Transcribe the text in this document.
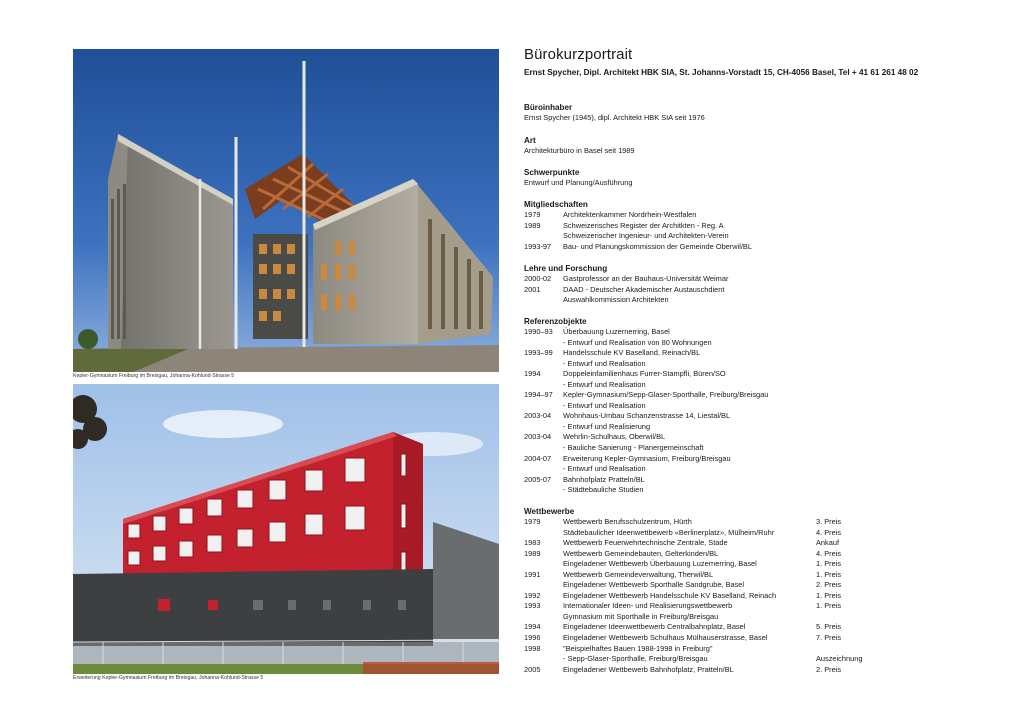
Kepler-Gymnasium Freiburg im Breisgau, Johanna-Kohlund-Strasse 5
Erweiterung Kepler-Gymnasium Freiburg im Breisgau, Johanna-Kohlund-Strasse 5
Bürokurzportrait
Ernst Spycher, Dipl. Architekt HBK SIA, St. Johanns-Vorstadt 15, CH-4056 Basel, Tel + 41 61 261 48 02
Büroinhaber
Ernst Spycher (1945), dipl. Architekt HBK SIA seit 1976
Art
Architekturbüro in Basel seit 1989
Schwerpunkte
Entwurf und Planung/Ausführung
Mitgliedschaften
1979	Architektenkammer Nordrhein-Westfalen
1989	Schweizerisches Register der Architkten - Reg. A
Schweizerischer Ingenieur- und Architekten-Verein
1993-97 Bau- und Planungskommission der Gemeinde Oberwil/BL
Lehre und Forschung
2000-02 Gastprofessor an der Bauhaus-Universität Weimar
2001	DAAD - Deutscher Akademischer Austauschdient
Auswahlkommission Architekten
Referenzobjekte
1990–93 Überbauung Luzernerring, Basel
- Entwurf und Realisation von 80 Wohnungen
1993–99 Handelsschule KV Baselland, Reinach/BL
- Entwurf und Realisation
1994	Doppeleinfamilienhaus Furrer-Stampfli, Büren/SO
- Entwurf und Realisation
1994–97 Kepler-Gymnasium/Sepp-Glaser-Sporthalle, Freiburg/Breisgau
- Entwurf und Realisation
2003-04 Wohnhaus-Umbau Schanzenstrasse 14, Liestal/BL
- Entwurf und Realisierung
2003-04 Wehrlin-Schulhaus, Oberwil/BL
- Bauliche Sanierung - Planergemeinschaft
2004-07 Erweiterung Kepler-Gymnasium, Freiburg/Breisgau
- Entwurf und Realisation
2005-07 Bahnhofplatz Pratteln/BL
- Städtebauliche Studien
Wettbewerbe
1979	Wettbewerb Berufsschulzentrum, Hürth	3. Preis
Städtebaulicher Ideenwettbewerb «Berlinerplatz», Mülheim/Ruhr	4. Preis
1983	Wettbewerb Feuerwehrtechnische Zentrale, Stade	Ankauf
1989	Wettbewerb Gemeindebauten, Gelterkinden/BL	4. Preis
Eingeladener Wettbewerb Überbauung Luzernerring, Basel	1. Preis
1991	Wettbewerb Gemeindeverwaltung, Therwil/BL	1. Preis
Eingeladener Wettbewerb Sporthalle Sandgrube, Basel	2. Preis
1992	Eingeladener Wettbewerb Handelsschule KV Baselland, Reinach	1. Preis
1993	Internationaler Ideen- und Realisierungswettbewerb	1. Preis
Gymnasium mit Sporthalle in Freiburg/Breisgau
1994	Eingeladener Ideenwettbewerb Centralbahnplatz, Basel	5. Preis
1996	Eingeladener Wettbewerb Schulhaus Mülhauserstrasse, Basel	7. Preis
1998	"Beispielhaftes Bauen 1988-1998 in Freiburg"
- Sepp-Glaser-Sporthalle, Freiburg/Breisgau	Auszeichnung
2005	Eingeladener Wettbewerb Bahnhofplatz, Pratteln/BL	2. Preis
